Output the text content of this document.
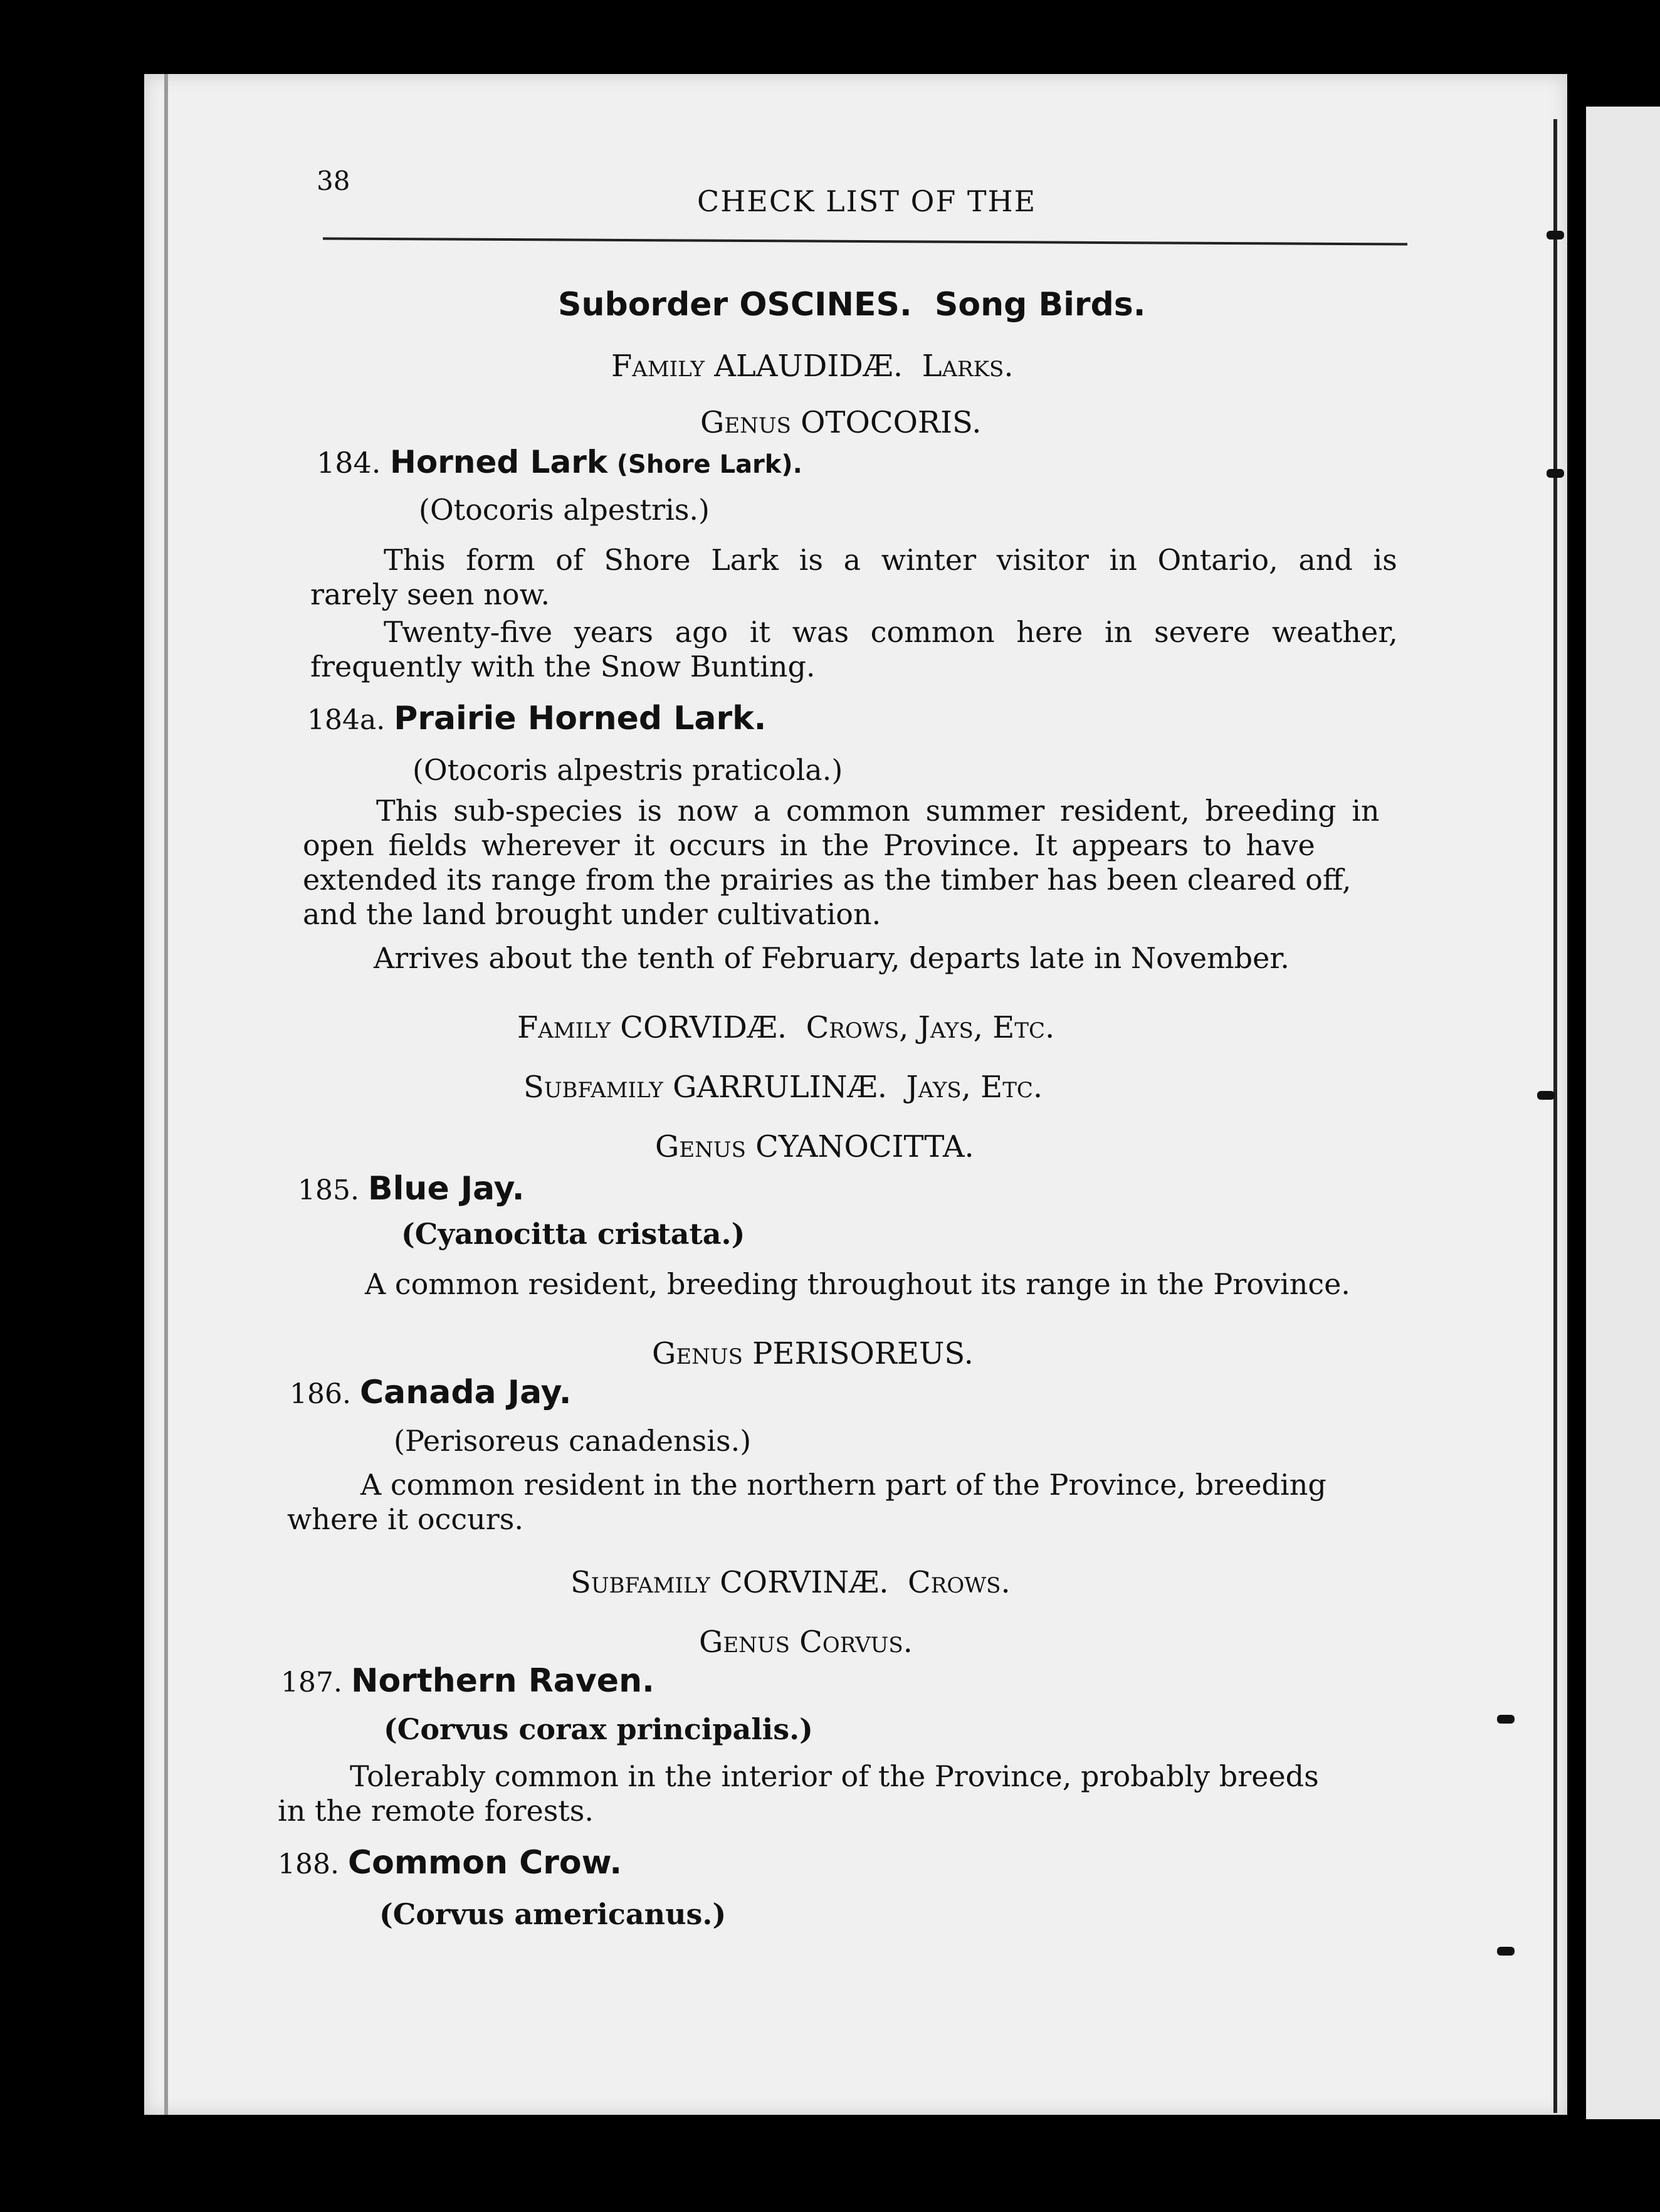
38
CHECK LIST OF THE
Suborder OSCINES. Song Birds.
Family ALAUDIDÆ. Larks.
Genus OTOCORIS.
184. Horned Lark (Shore Lark).
(Otocoris alpestris.)
This form of Shore Lark is a winter visitor in Ontario, and is
rarely seen now.
Twenty-five years ago it was common here in severe weather,
frequently with the Snow Bunting.
184a. Prairie Horned Lark.
(Otocoris alpestris praticola.)
This sub-species is now a common summer resident, breeding in
open fields wherever it occurs in the Province. It appears to have
extended its range from the prairies as the timber has been cleared off,
and the land brought under cultivation.
Arrives about the tenth of February, departs late in November.
Family CORVIDÆ. Crows, Jays, Etc.
Subfamily GARRULINÆ. Jays, Etc.
Genus CYANOCITTA.
185. Blue Jay.
(Cyanocitta cristata.)
A common resident, breeding throughout its range in the Province.
Genus PERISOREUS.
186. Canada Jay.
(Perisoreus canadensis.)
A common resident in the northern part of the Province, breeding
where it occurs.
Subfamily CORVINÆ. Crows.
Genus Corvus.
187. Northern Raven.
(Corvus corax principalis.)
Tolerably common in the interior of the Province, probably breeds
in the remote forests.
188. Common Crow.
(Corvus americanus.)
